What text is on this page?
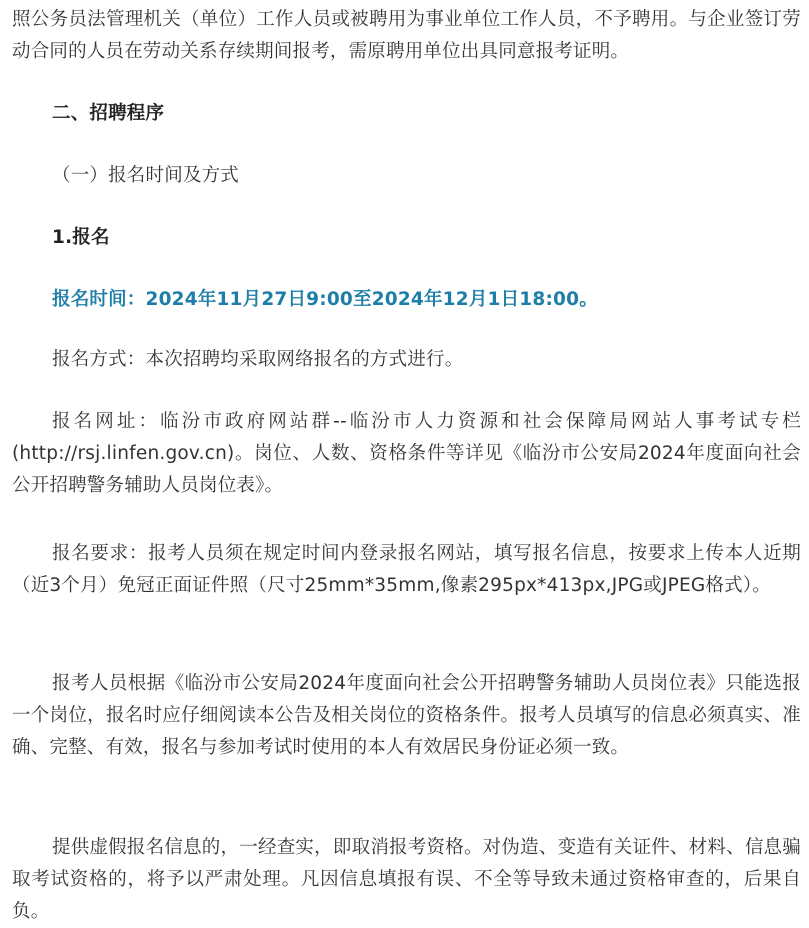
照公务员法管理机关（单位）工作人员或被聘用为事业单位工作人员，不予聘用。与企业签订劳动合同的人员在劳动关系存续期间报考，需原聘用单位出具同意报考证明。

二、招聘程序

（一）报名时间及方式

1.报名

报名时间：2024年11月27日9:00至2024年12月1日18:00。

报名方式：本次招聘均采取网络报名的方式进行。

报名网址：临汾市政府网站群--临汾市人力资源和社会保障局网站人事考试专栏(http://rsj.linfen.gov.cn)。岗位、人数、资格条件等详见《临汾市公安局2024年度面向社会公开招聘警务辅助人员岗位表》。

报名要求：报考人员须在规定时间内登录报名网站，填写报名信息，按要求上传本人近期（近3个月）免冠正面证件照（尺寸25mm*35mm,像素295px*413px,JPG或JPEG格式）。

报考人员根据《临汾市公安局2024年度面向社会公开招聘警务辅助人员岗位表》只能选报一个岗位，报名时应仔细阅读本公告及相关岗位的资格条件。报考人员填写的信息必须真实、准确、完整、有效，报名与参加考试时使用的本人有效居民身份证必须一致。

提供虚假报名信息的，一经查实，即取消报考资格。对伪造、变造有关证件、材料、信息骗取考试资格的，将予以严肃处理。凡因信息填报有误、不全等导致未通过资格审查的，后果自负。
